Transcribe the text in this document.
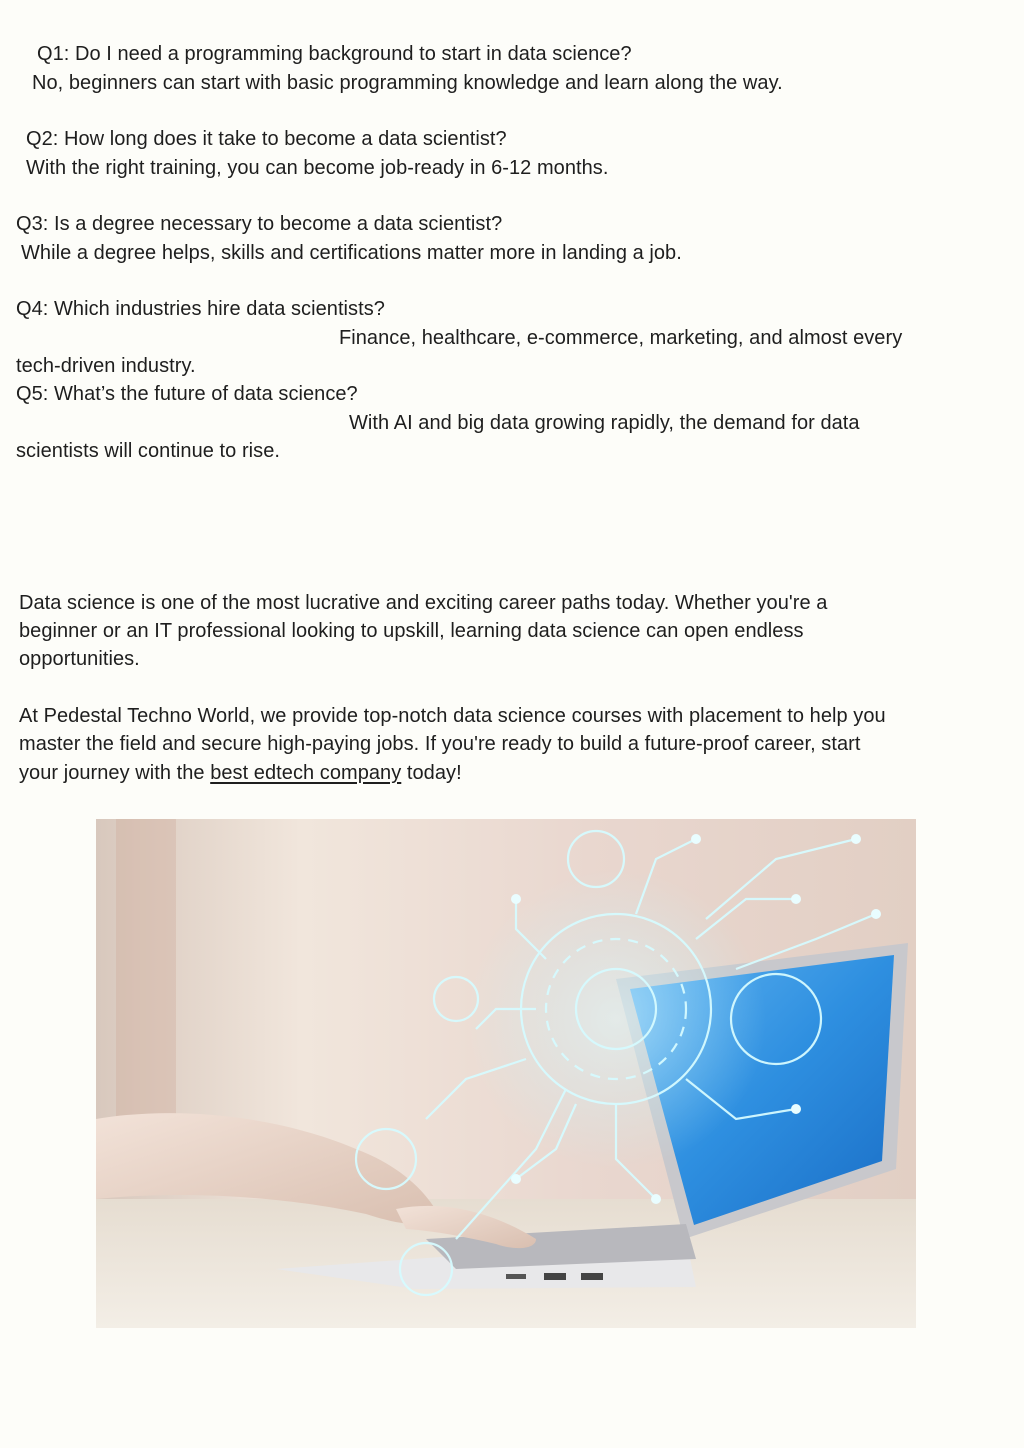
Q1: Do I need a programming background to start in data science?

No, beginners can start with basic programming knowledge and learn along the way.

Q2: How long does it take to become a data scientist?

With the right training, you can become job-ready in 6-12 months.

Q3: Is a degree necessary to become a data scientist?

While a degree helps, skills and certifications matter more in landing a job.

Q4: Which industries hire data scientists?

Finance, healthcare, e-commerce, marketing, and almost every

tech-driven industry.

Q5: What’s the future of data science?

With AI and big data growing rapidly, the demand for data

scientists will continue to rise.

Data science is one of the most lucrative and exciting career paths today. Whether you're a

beginner or an IT professional looking to upskill, learning data science can open endless

opportunities.

At Pedestal Techno World, we provide top-notch data science courses with placement to help you

master the field and secure high-paying jobs. If you're ready to build a future-proof career, start

your journey with the best edtech company today!
